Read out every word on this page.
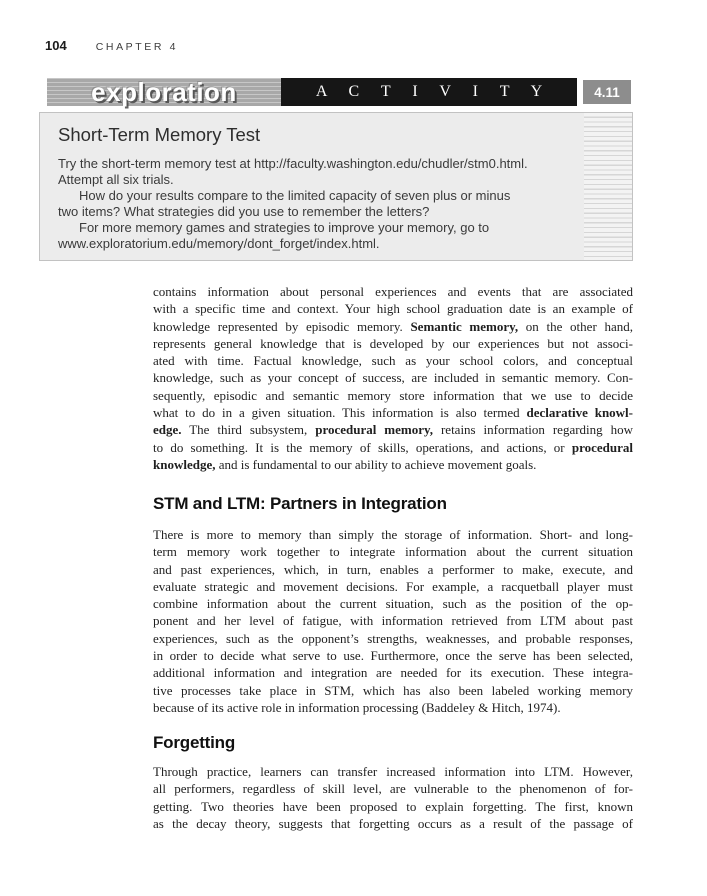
104	CHAPTER 4
exploration	A C T I V I T Y	4.11
Short-Term Memory Test
Try the short-term memory test at http://faculty.washington.edu/chudler/stm0.html.
Attempt all six trials.
How do your results compare to the limited capacity of seven plus or minus
two items? What strategies did you use to remember the letters?
For more memory games and strategies to improve your memory, go to
www.exploratorium.edu/memory/dont_forget/index.html.
contains information about personal experiences and events that are associated
with a specific time and context. Your high school graduation date is an example of
knowledge represented by episodic memory. Semantic memory, on the other hand,
represents general knowledge that is developed by our experiences but not associ-
ated with time. Factual knowledge, such as your school colors, and conceptual
knowledge, such as your concept of success, are included in semantic memory. Con-
sequently, episodic and semantic memory store information that we use to decide
what to do in a given situation. This information is also termed declarative knowl-
edge. The third subsystem, procedural memory, retains information regarding how
to do something. It is the memory of skills, operations, and actions, or procedural
knowledge, and is fundamental to our ability to achieve movement goals.
STM and LTM: Partners in Integration
There is more to memory than simply the storage of information. Short- and long-
term memory work together to integrate information about the current situation
and past experiences, which, in turn, enables a performer to make, execute, and
evaluate strategic and movement decisions. For example, a racquetball player must
combine information about the current situation, such as the position of the op-
ponent and her level of fatigue, with information retrieved from LTM about past
experiences, such as the opponent’s strengths, weaknesses, and probable responses,
in order to decide what serve to use. Furthermore, once the serve has been selected,
additional information and integration are needed for its execution. These integra-
tive processes take place in STM, which has also been labeled working memory
because of its active role in information processing (Baddeley & Hitch, 1974).
Forgetting
Through practice, learners can transfer increased information into LTM. However,
all performers, regardless of skill level, are vulnerable to the phenomenon of for-
getting. Two theories have been proposed to explain forgetting. The first, known
as the decay theory, suggests that forgetting occurs as a result of the passage of
